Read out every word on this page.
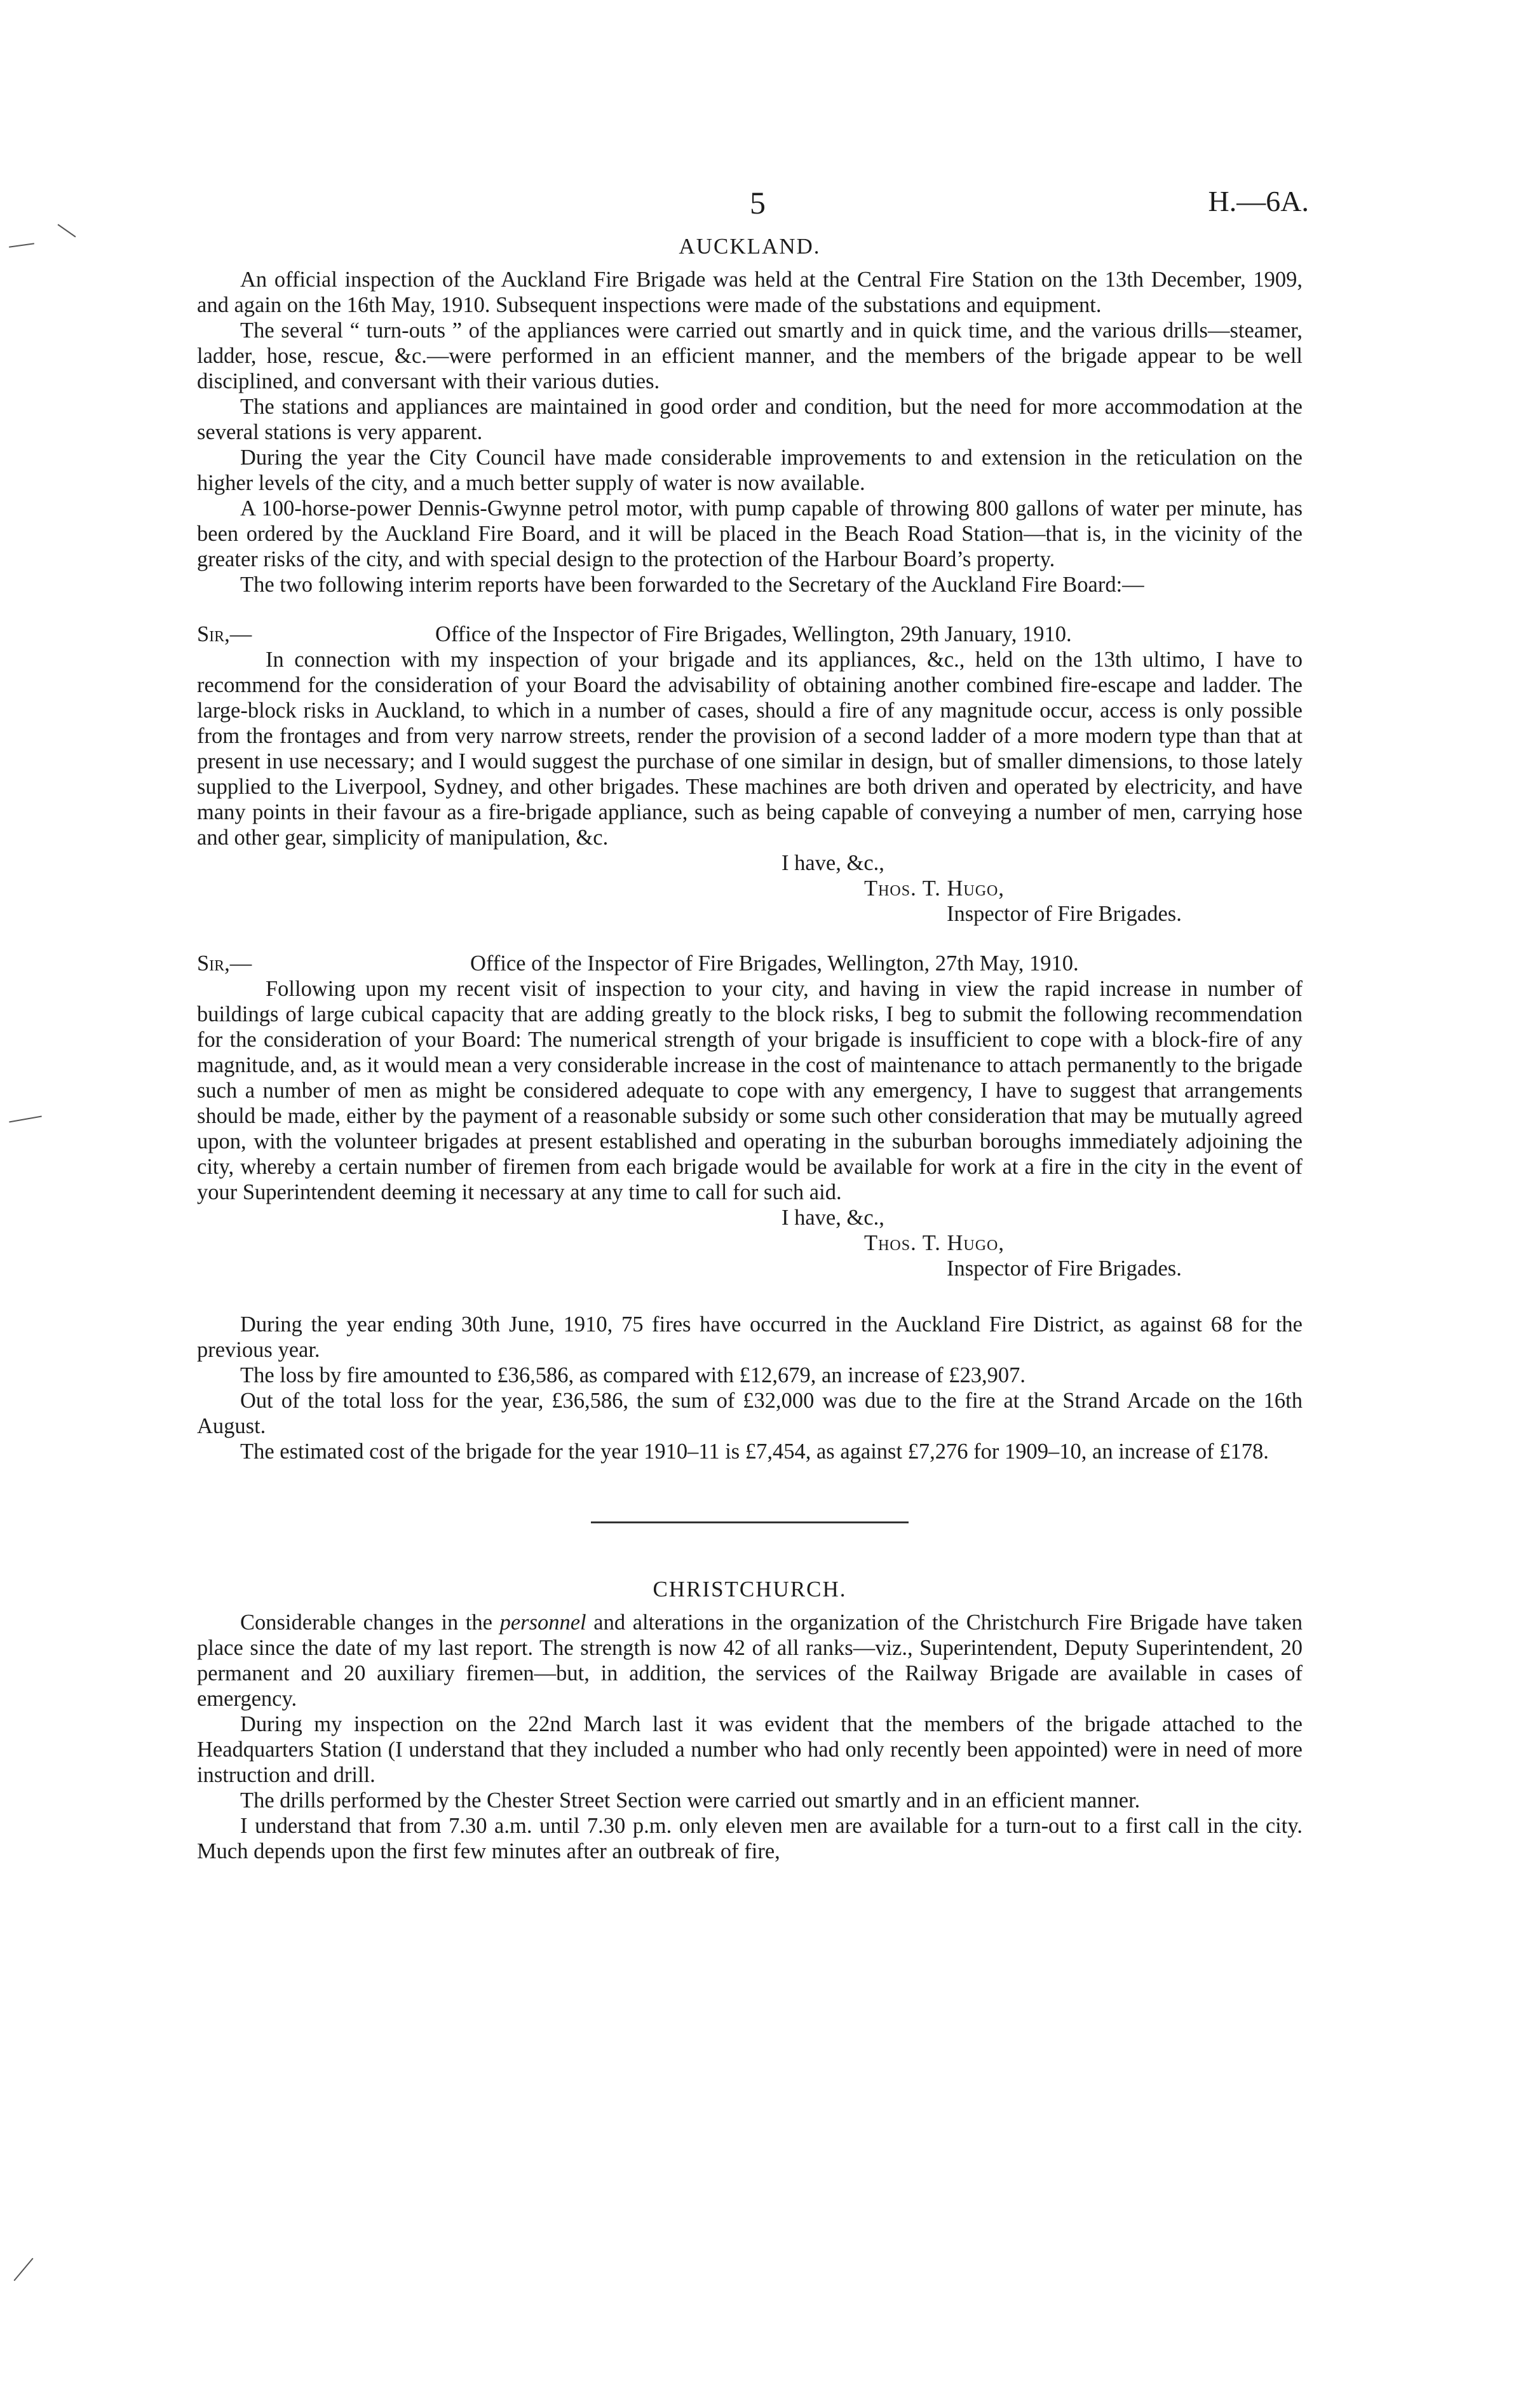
5	H.—6A.
AUCKLAND.

An official inspection of the Auckland Fire Brigade was held at the Central Fire Station on the 13th December, 1909, and again on the 16th May, 1910. Subsequent inspections were made of the substations and equipment.

The several “ turn-outs ” of the appliances were carried out smartly and in quick time, and the various drills—steamer, ladder, hose, rescue, &c.—were performed in an efficient manner, and the members of the brigade appear to be well disciplined, and conversant with their various duties.

The stations and appliances are maintained in good order and condition, but the need for more accommodation at the several stations is very apparent.

During the year the City Council have made considerable improvements to and extension in the reticulation on the higher levels of the city, and a much better supply of water is now available.

A 100-horse-power Dennis-Gwynne petrol motor, with pump capable of throwing 800 gallons of water per minute, has been ordered by the Auckland Fire Board, and it will be placed in the Beach Road Station—that is, in the vicinity of the greater risks of the city, and with special design to the protection of the Harbour Board’s property.

The two following interim reports have been forwarded to the Secretary of the Auckland Fire Board:—

Sir,—	Office of the Inspector of Fire Brigades, Wellington, 29th January, 1910.

In connection with my inspection of your brigade and its appliances, &c., held on the 13th ultimo, I have to recommend for the consideration of your Board the advisability of obtaining another combined fire-escape and ladder. The large-block risks in Auckland, to which in a number of cases, should a fire of any magnitude occur, access is only possible from the frontages and from very narrow streets, render the provision of a second ladder of a more modern type than that at present in use necessary; and I would suggest the purchase of one similar in design, but of smaller dimensions, to those lately supplied to the Liverpool, Sydney, and other brigades. These machines are both driven and operated by electricity, and have many points in their favour as a fire-brigade appliance, such as being capable of conveying a number of men, carrying hose and other gear, simplicity of manipulation, &c.

I have, &c.,
Thos. T. Hugo,
Inspector of Fire Brigades.
Sir,—	Office of the Inspector of Fire Brigades, Wellington, 27th May, 1910.

Following upon my recent visit of inspection to your city, and having in view the rapid increase in number of buildings of large cubical capacity that are adding greatly to the block risks, I beg to submit the following recommendation for the consideration of your Board: The numerical strength of your brigade is insufficient to cope with a block-fire of any magnitude, and, as it would mean a very considerable increase in the cost of maintenance to attach permanently to the brigade such a number of men as might be considered adequate to cope with any emergency, I have to suggest that arrangements should be made, either by the payment of a reasonable subsidy or some such other consideration that may be mutually agreed upon, with the volunteer brigades at present established and operating in the suburban boroughs immediately adjoining the city, whereby a certain number of firemen from each brigade would be available for work at a fire in the city in the event of your Superintendent deeming it necessary at any time to call for such aid.

I have, &c.,
Thos. T. Hugo,
Inspector of Fire Brigades.

During the year ending 30th June, 1910, 75 fires have occurred in the Auckland Fire District, as against 68 for the previous year.

The loss by fire amounted to £36,586, as compared with £12,679, an increase of £23,907.

Out of the total loss for the year, £36,586, the sum of £32,000 was due to the fire at the Strand Arcade on the 16th August.

The estimated cost of the brigade for the year 1910–11 is £7,454, as against £7,276 for 1909–10, an increase of £178.

CHRISTCHURCH.

Considerable changes in the personnel and alterations in the organization of the Christchurch Fire Brigade have taken place since the date of my last report. The strength is now 42 of all ranks—viz., Superintendent, Deputy Superintendent, 20 permanent and 20 auxiliary firemen—but, in addition, the services of the Railway Brigade are available in cases of emergency.

During my inspection on the 22nd March last it was evident that the members of the brigade attached to the Headquarters Station (I understand that they included a number who had only recently been appointed) were in need of more instruction and drill.

The drills performed by the Chester Street Section were carried out smartly and in an efficient manner.

I understand that from 7.30 a.m. until 7.30 p.m. only eleven men are available for a turn-out to a first call in the city. Much depends upon the first few minutes after an outbreak of fire,
